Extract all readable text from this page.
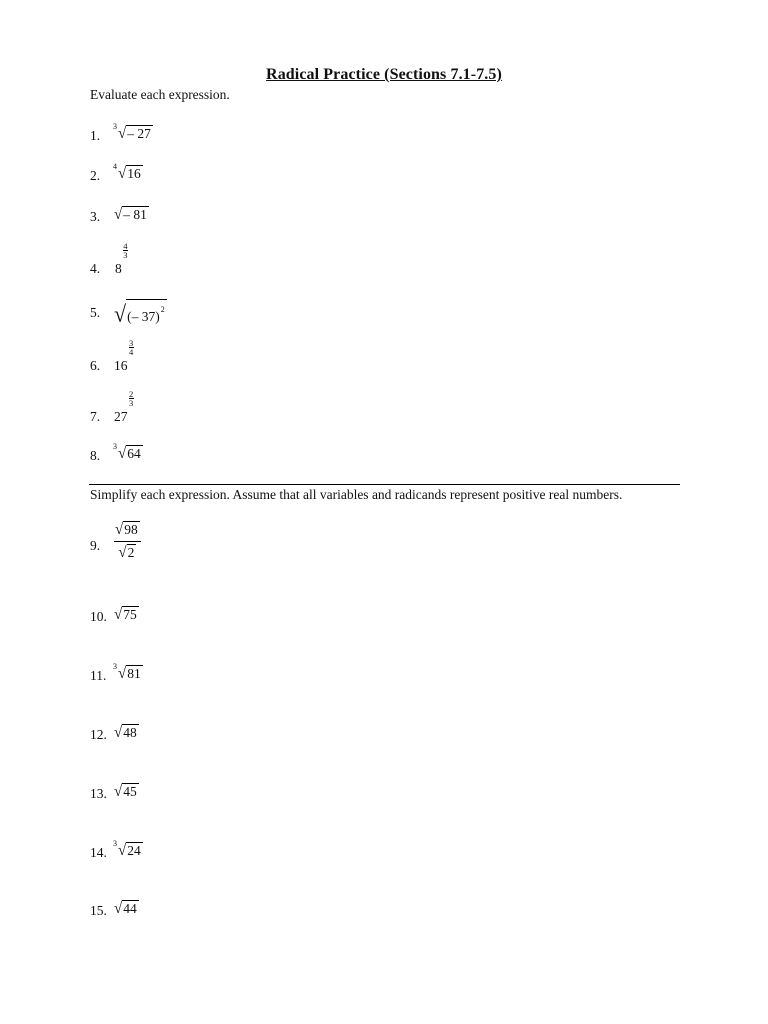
Radical Practice (Sections 7.1-7.5)
Evaluate each expression.
1.
3 √– 27
2.
4 √16
3. √– 81
4. 8
$\frac{4}{3}$
5. √(– 37)$^2$
6. 16
$\frac{3}{4}$
7. 27
$\frac{2}{3}$
8.
3 √64
Simplify each expression. Assume that all variables and radicands represent positive real numbers.
9. $\frac{√98}{√2}$
10. √75
11.
3 √81
12. √48
13. √45
14.
3 √24
15. √44
